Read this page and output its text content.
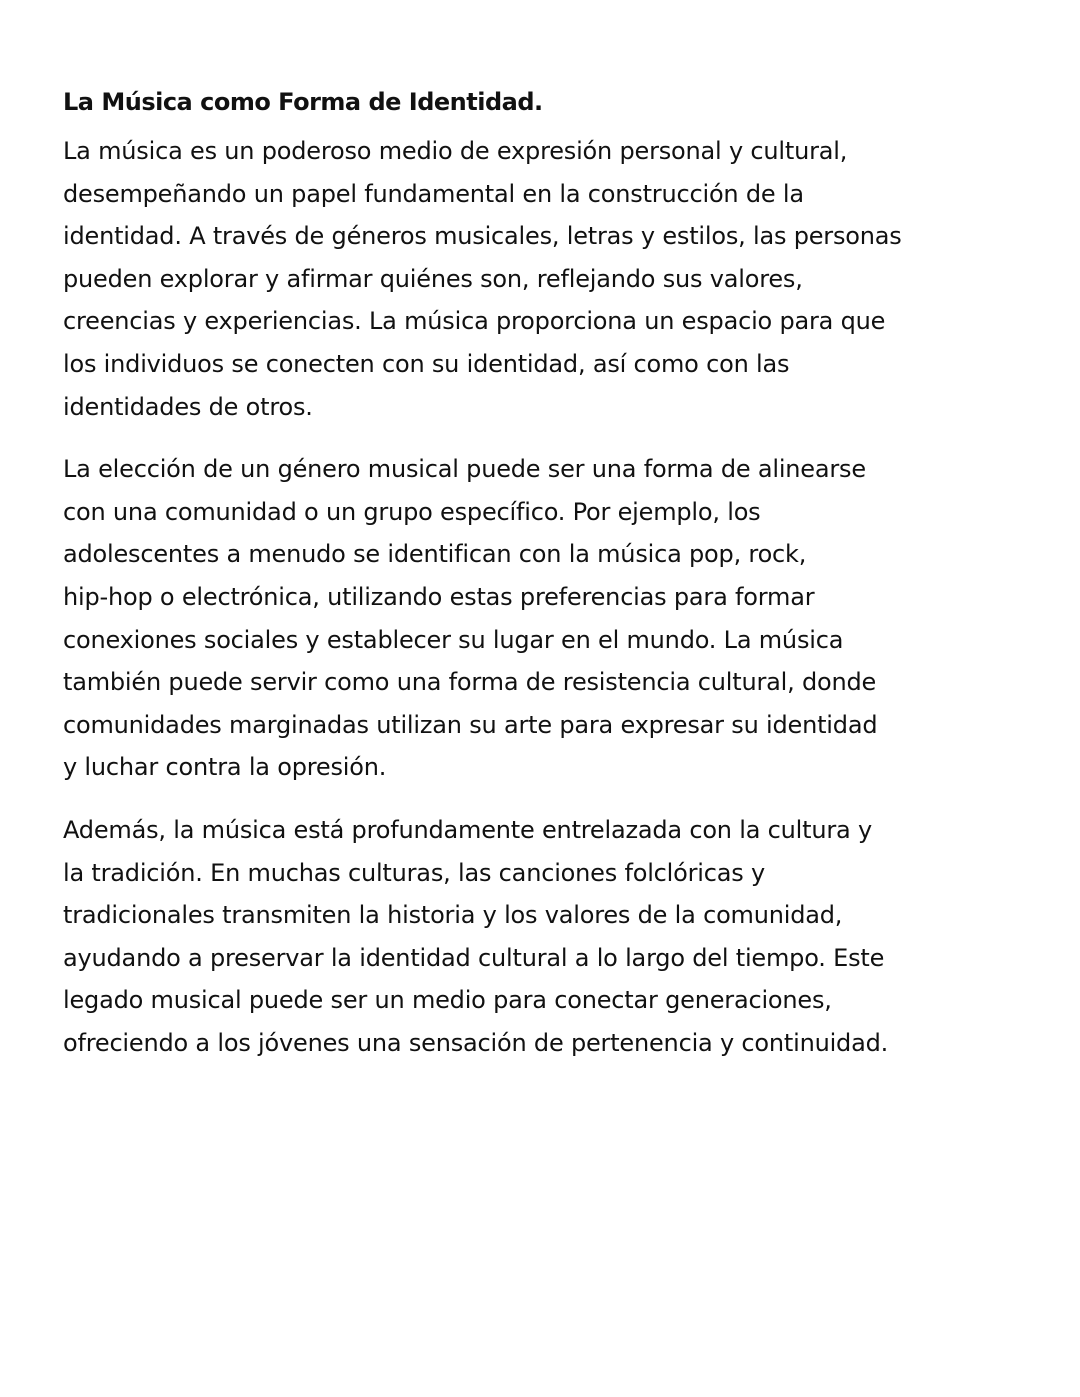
La Música como Forma de Identidad.
La música es un poderoso medio de expresión personal y cultural,
desempeñando un papel fundamental en la construcción de la
identidad. A través de géneros musicales, letras y estilos, las personas
pueden explorar y afirmar quiénes son, reflejando sus valores,
creencias y experiencias. La música proporciona un espacio para que
los individuos se conecten con su identidad, así como con las
identidades de otros.
La elección de un género musical puede ser una forma de alinearse
con una comunidad o un grupo específico. Por ejemplo, los
adolescentes a menudo se identifican con la música pop, rock,
hip-hop o electrónica, utilizando estas preferencias para formar
conexiones sociales y establecer su lugar en el mundo. La música
también puede servir como una forma de resistencia cultural, donde
comunidades marginadas utilizan su arte para expresar su identidad
y luchar contra la opresión.
Además, la música está profundamente entrelazada con la cultura y
la tradición. En muchas culturas, las canciones folclóricas y
tradicionales transmiten la historia y los valores de la comunidad,
ayudando a preservar la identidad cultural a lo largo del tiempo. Este
legado musical puede ser un medio para conectar generaciones,
ofreciendo a los jóvenes una sensación de pertenencia y continuidad.
